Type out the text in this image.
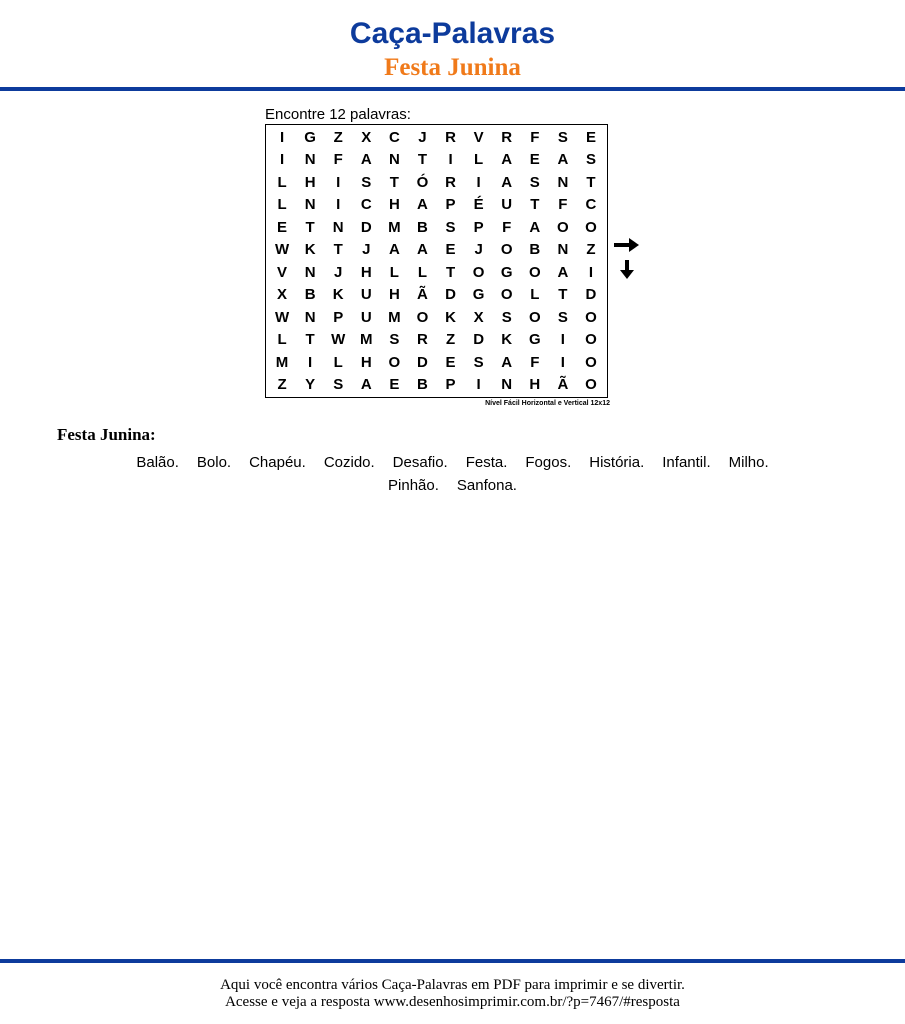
Caça-Palavras
Festa Junina
Encontre 12 palavras:
I	G	Z	X	C	J	R	V	R	F	S	E
I	N	F	A	N	T	I	L	A	E	A	S
L	H	I	S	T	Ó	R	I	A	S	N	T
L	N	I	C	H	A	P	É	U	T	F	C
E	T	N	D	M	B	S	P	F	A	O	O
W	K	T	J	A	A	E	J	O	B	N	Z
V	N	J	H	L	L	T	O	G	O	A	I
X	B	K	U	H	Ã	D	G	O	L	T	D
W	N	P	U	M	O	K	X	S	O	S	O
L	T	W M	S	R	Z	D	K	G	I	O
M	I	L	H	O	D	E	S	A	F	I	O
Z	Y	S	A	E	B	P	I	N	H	Ã	O
Nível Fácil Horizontal e Vertical 12x12
Festa Junina:
Balão. Bolo. Chapéu. Cozido. Desafio. Festa. Fogos. História. Infantil. Milho.
Pinhão. Sanfona.
Aqui você encontra vários Caça-Palavras em PDF para imprimir e se divertir.
Acesse e veja a resposta www.desenhosimprimir.com.br/?p=7467/#resposta
